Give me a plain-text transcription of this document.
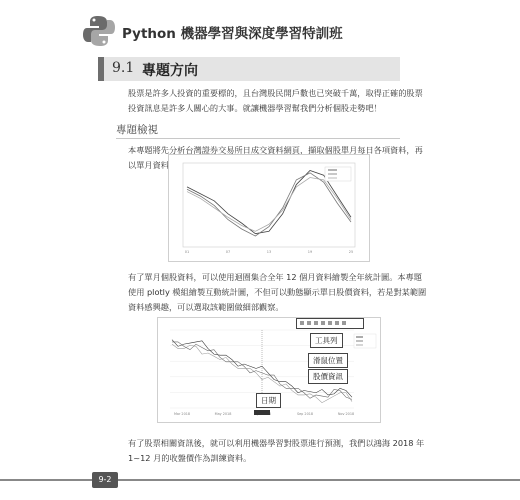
Python 機器學習與深度學習特訓班
9.1 專題方向
股票是許多人投資的重要標的，且台灣股民開戶數也已突破千萬，取得正確的股票
投資訊息是許多人關心的大事。就讓機器學習幫我們分析個股走勢吧！
專題檢視
本專題將先分析台灣證券交易所日成交資料網頁，擷取個股單月每日各項資料，再
以單月資料繪製個股統計圖。
01	07	13	19	25
有了單月個股資料，可以使用迴圈集合全年 12 個月資料繪製全年統計圖。本專題
使用 plotly 模組繪製互動統計圖，不但可以動態顯示單日股價資料，若是對某範圍
資料感興趣，可以選取該範圍做細部觀察。
Mar 2018	May 2018	Sep 2018	Nov 2018
工具列
滑鼠位置
股價資訊
日期
有了股票相關資訊後，就可以利用機器學習對股票進行預測，我們以鴻海 2018 年
1~12 月的收盤價作為訓練資料。
9-2
